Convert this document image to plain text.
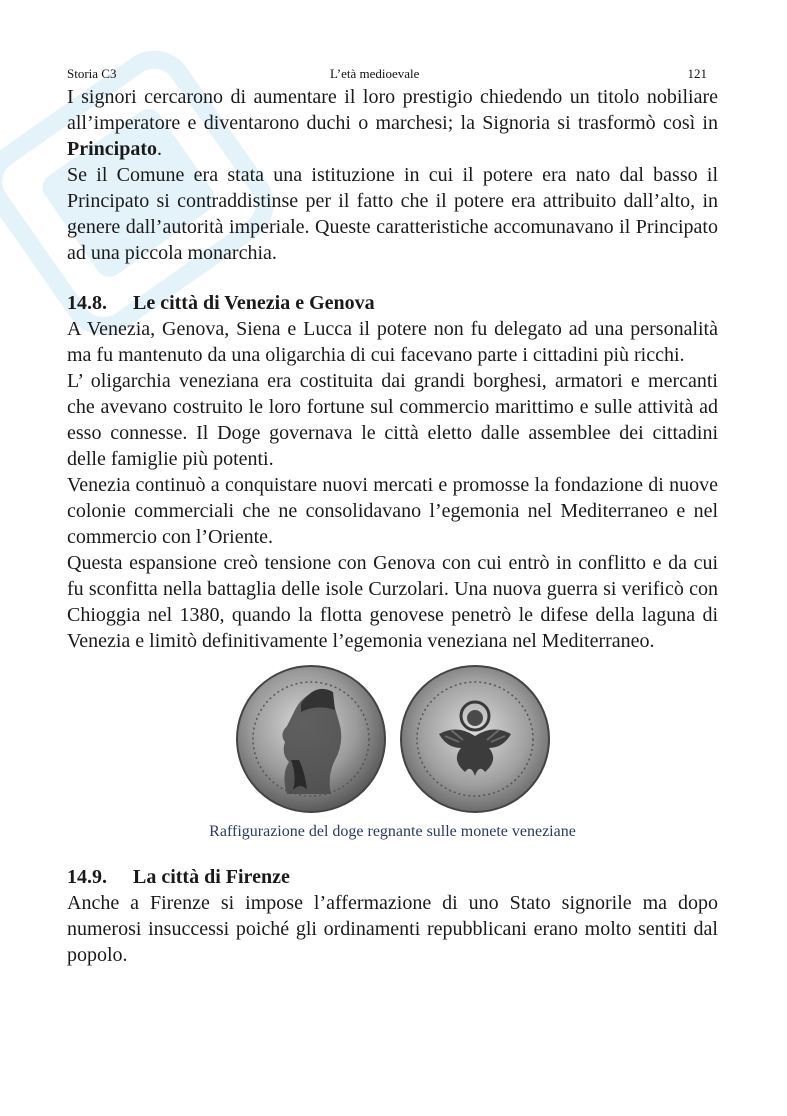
Storia C3	L’età medioevale	121

I signori cercarono di aumentare il loro prestigio chiedendo un titolo nobiliare all’imperatore e diventarono duchi o marchesi; la Signoria si trasformò così in Principato.

Se il Comune era stata una istituzione in cui il potere era nato dal basso il Principato si contraddistinse per il fatto che il potere era attribuito dall’alto, in genere dall’autorità imperiale. Queste caratteristiche accomunavano il Principato ad una piccola monarchia.

14.8. Le città di Venezia e Genova

A Venezia, Genova, Siena e Lucca il potere non fu delegato ad una personalità ma fu mantenuto da una oligarchia di cui facevano parte i cittadini più ricchi.

L’ oligarchia veneziana era costituita dai grandi borghesi, armatori e mercanti che avevano costruito le loro fortune sul commercio marittimo e sulle attività ad esso connesse. Il Doge governava le città eletto dalle assemblee dei cittadini delle famiglie più potenti.

Venezia continuò a conquistare nuovi mercati e promosse la fondazione di nuove colonie commerciali che ne consolidavano l’egemonia nel Mediterraneo e nel commercio con l’Oriente.

Questa espansione creò tensione con Genova con cui entrò in conflitto e da cui fu sconfitta nella battaglia delle isole Curzolari. Una nuova guerra si verificò con Chioggia nel 1380, quando la flotta genovese penetrò le difese della laguna di Venezia e limitò definitivamente l’egemonia veneziana nel Mediterraneo.

Raffigurazione del doge regnante sulle monete veneziane
14.9. La città di Firenze

Anche a Firenze si impose l’affermazione di uno Stato signorile ma dopo numerosi insuccessi poiché gli ordinamenti repubblicani erano molto sentiti dal popolo.
